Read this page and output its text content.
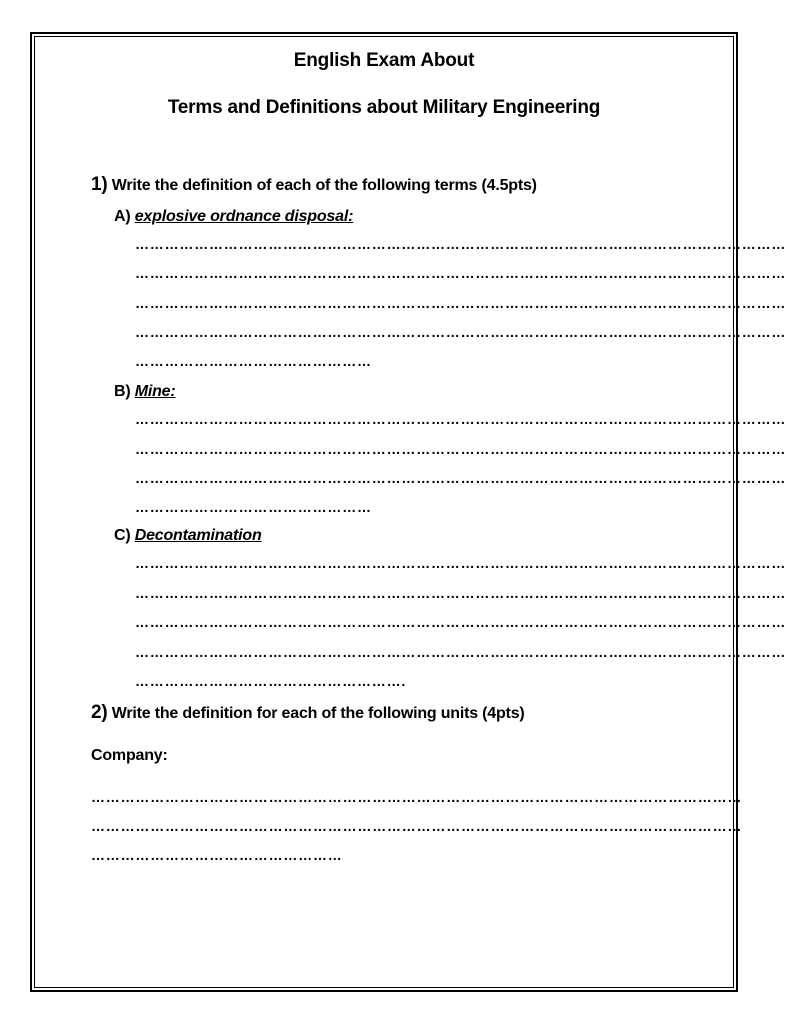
English Exam About
Terms and Definitions about Military Engineering
1) Write the definition of each of the following terms (4.5pts)
A) explosive ordnance disposal:
……………………………………………………………………………………………………………………
……………………………………………………………………………………………………………………
……………………………………………………………………………………………………………………
……………………………………………………………………………………………………………………
…………………………………………
B) Mine:
……………………………………………………………………………………………………………………
……………………………………………………………………………………………………………………
……………………………………………………………………………………………………………………
…………………………………………
C) Decontamination
……………………………………………………………………………………………………………………
……………………………………………………………………………………………………………………
……………………………………………………………………………………………………………………
……………………………………………………………………………………………………………………
……………………………………………….
2) Write the definition for each of the following units (4pts)
Company:
……………………………………………………………………………………………………………………
……………………………………………………………………………………………………………………
……………………………………………
